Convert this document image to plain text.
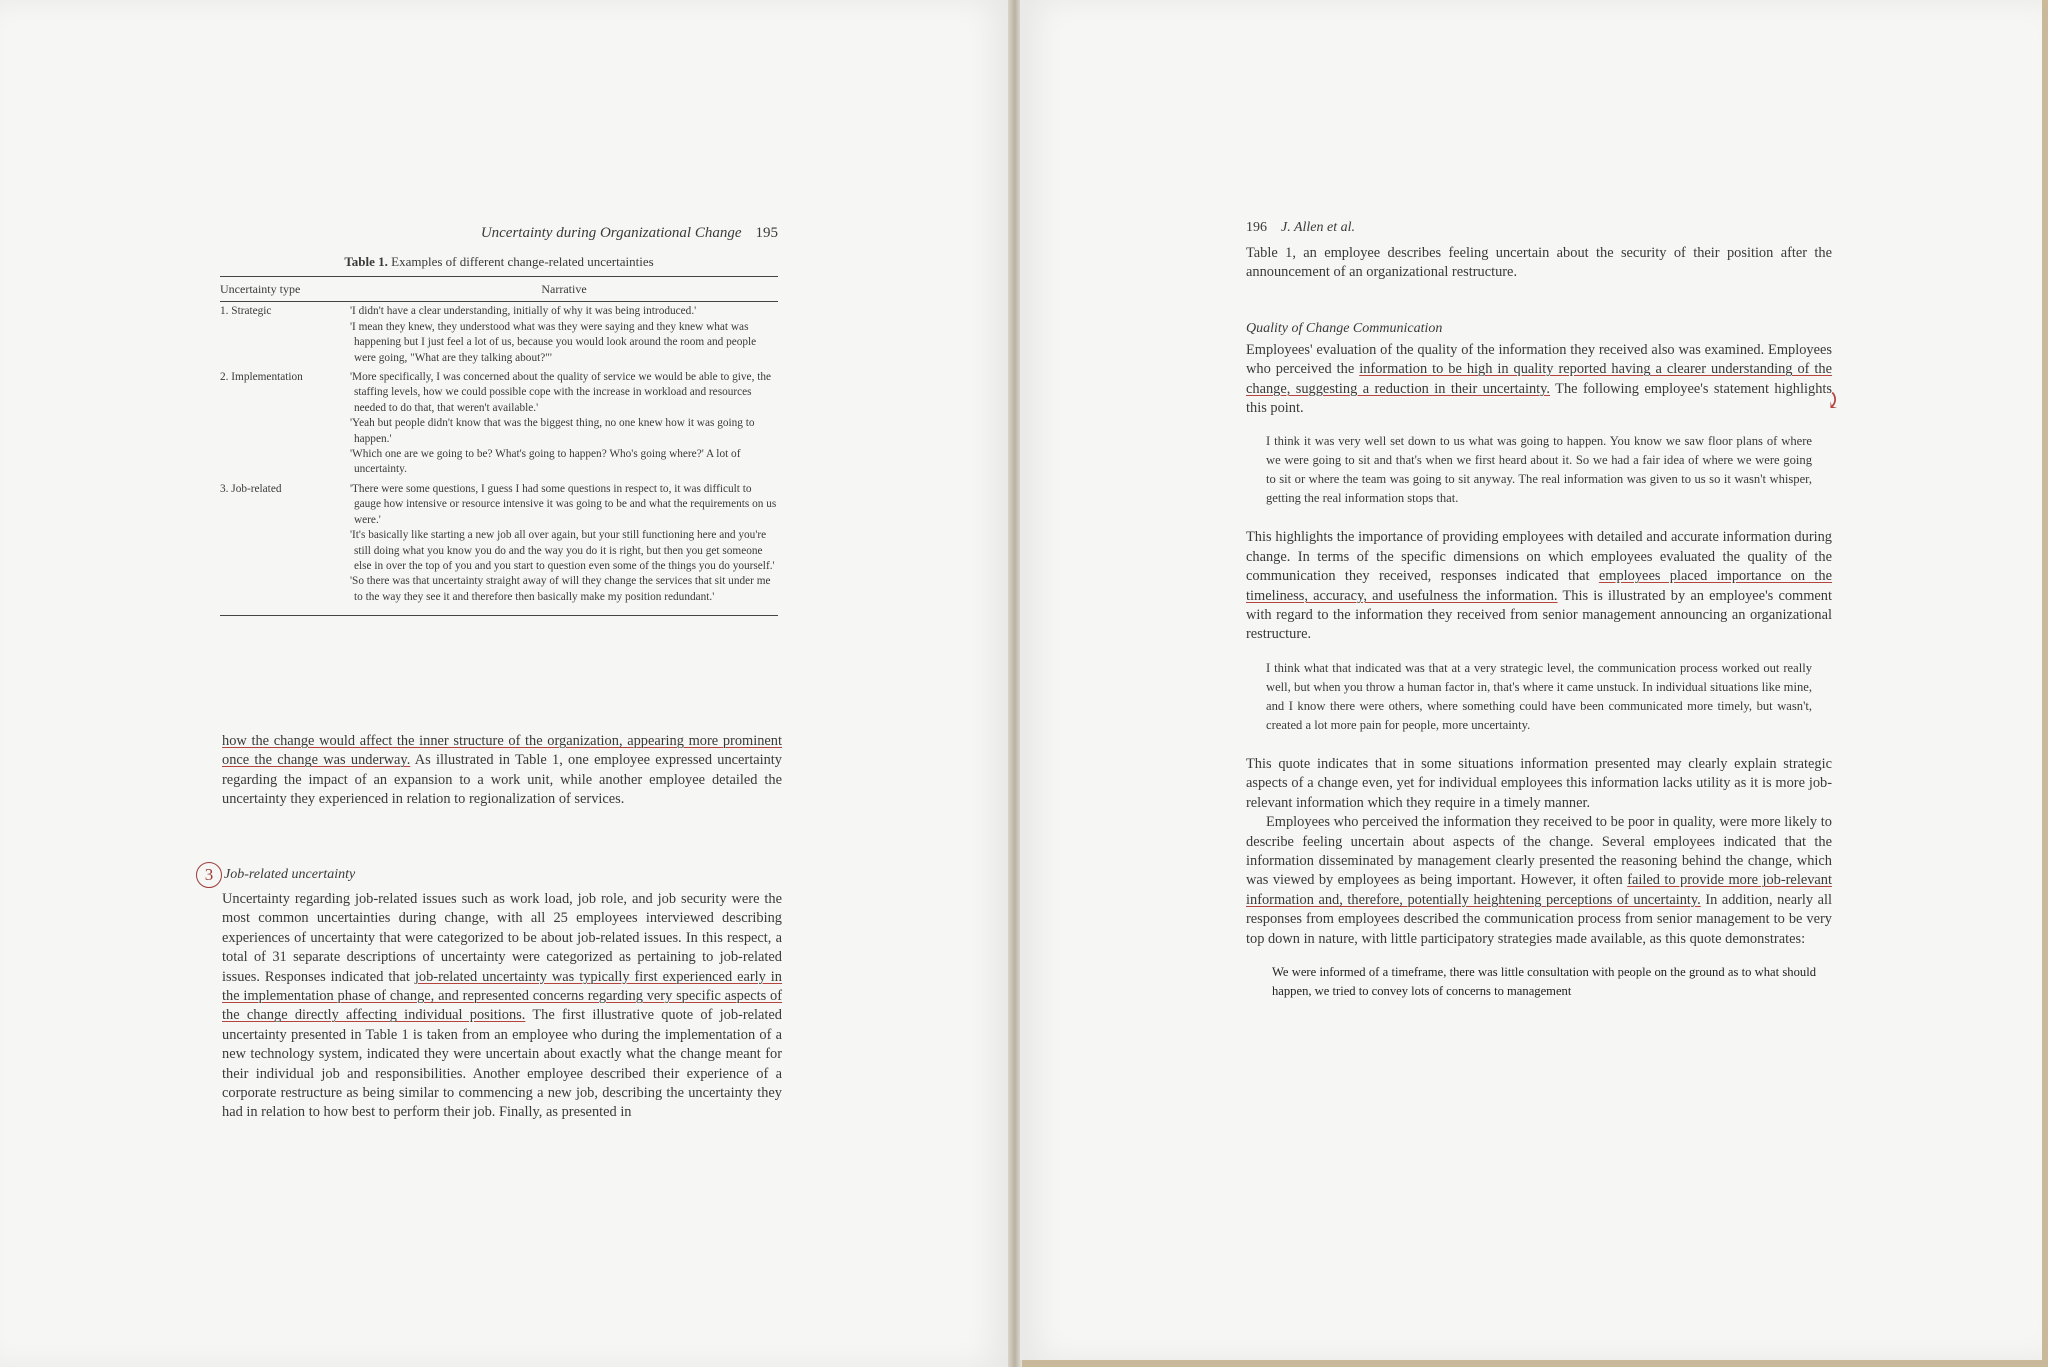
Uncertainty during Organizational Change 195
Table 1. Examples of different change-related uncertainties
Uncertainty type	Narrative
1. Strategic	'I didn't have a clear understanding, initially of why it was being introduced.'
'I mean they knew, they understood what was they were saying and they knew what was happening but I just feel a lot of us, because you would look around the room and people were going, "What are they talking about?"'

2. Implementation	'More specifically, I was concerned about the quality of service we would be able to give, the staffing levels, how we could possible cope with the increase in workload and resources needed to do that, that weren't available.'
'Yeah but people didn't know that was the biggest thing, no one knew how it was going to happen.'
'Which one are we going to be? What's going to happen? Who's going where?' A lot of uncertainty.

3. Job-related	'There were some questions, I guess I had some questions in respect to, it was difficult to gauge how intensive or resource intensive it was going to be and what the requirements on us were.'
'It's basically like starting a new job all over again, but your still functioning here and you're still doing what you know you do and the way you do it is right, but then you get someone else in over the top of you and you start to question even some of the things you do yourself.'
'So there was that uncertainty straight away of will they change the services that sit under me to the way they see it and therefore then basically make my position redundant.'

how the change would affect the inner structure of the organization, appearing more prominent once the change was underway. As illustrated in Table 1, one employee expressed uncertainty regarding the impact of an expansion to a work unit, while another employee detailed the uncertainty they experienced in relation to regionalization of services.

3 Job-related uncertainty

Uncertainty regarding job-related issues such as work load, job role, and job security were the most common uncertainties during change, with all 25 employees interviewed describing experiences of uncertainty that were categorized to be about job-related issues. In this respect, a total of 31 separate descriptions of uncertainty were categorized as pertaining to job-related issues. Responses indicated that job-related uncertainty was typically first experienced early in the implementation phase of change, and represented concerns regarding very specific aspects of the change directly affecting individual positions. The first illustrative quote of job-related uncertainty presented in Table 1 is taken from an employee who during the implementation of a new technology system, indicated they were uncertain about exactly what the change meant for their individual job and responsibilities. Another employee described their experience of a corporate restructure as being similar to commencing a new job, describing the uncertainty they had in relation to how best to perform their job. Finally, as presented in

196 J. Allen et al.

Table 1, an employee describes feeling uncertain about the security of their position after the announcement of an organizational restructure.

Quality of Change Communication

Employees' evaluation of the quality of the information they received also was examined. Employees who perceived the information to be high in quality reported having a clearer understanding of the change, suggesting a reduction in their uncertainty. The following employee's statement highlights this point.

I think it was very well set down to us what was going to happen. You know we saw floor plans of where we were going to sit and that's when we first heard about it. So we had a fair idea of where we were going to sit or where the team was going to sit anyway. The real information was given to us so it wasn't whisper, getting the real information stops that.

This highlights the importance of providing employees with detailed and accurate information during change. In terms of the specific dimensions on which employees evaluated the quality of the communication they received, responses indicated that employees placed importance on the timeliness, accuracy, and usefulness the information. This is illustrated by an employee's comment with regard to the information they received from senior management announcing an organizational restructure.

I think what that indicated was that at a very strategic level, the communication process worked out really well, but when you throw a human factor in, that's where it came unstuck. In individual situations like mine, and I know there were others, where something could have been communicated more timely, but wasn't, created a lot more pain for people, more uncertainty.

This quote indicates that in some situations information presented may clearly explain strategic aspects of a change even, yet for individual employees this information lacks utility as it is more job-relevant information which they require in a timely manner.

Employees who perceived the information they received to be poor in quality, were more likely to describe feeling uncertain about aspects of the change. Several employees indicated that the information disseminated by management clearly presented the reasoning behind the change, which was viewed by employees as being important. However, it often failed to provide more job-relevant information and, therefore, potentially heightening perceptions of uncertainty. In addition, nearly all responses from employees described the communication process from senior management to be very top down in nature, with little participatory strategies made available, as this quote demonstrates:

We were informed of a timeframe, there was little consultation with people on the ground as to what should happen, we tried to convey lots of concerns to management
⤸
